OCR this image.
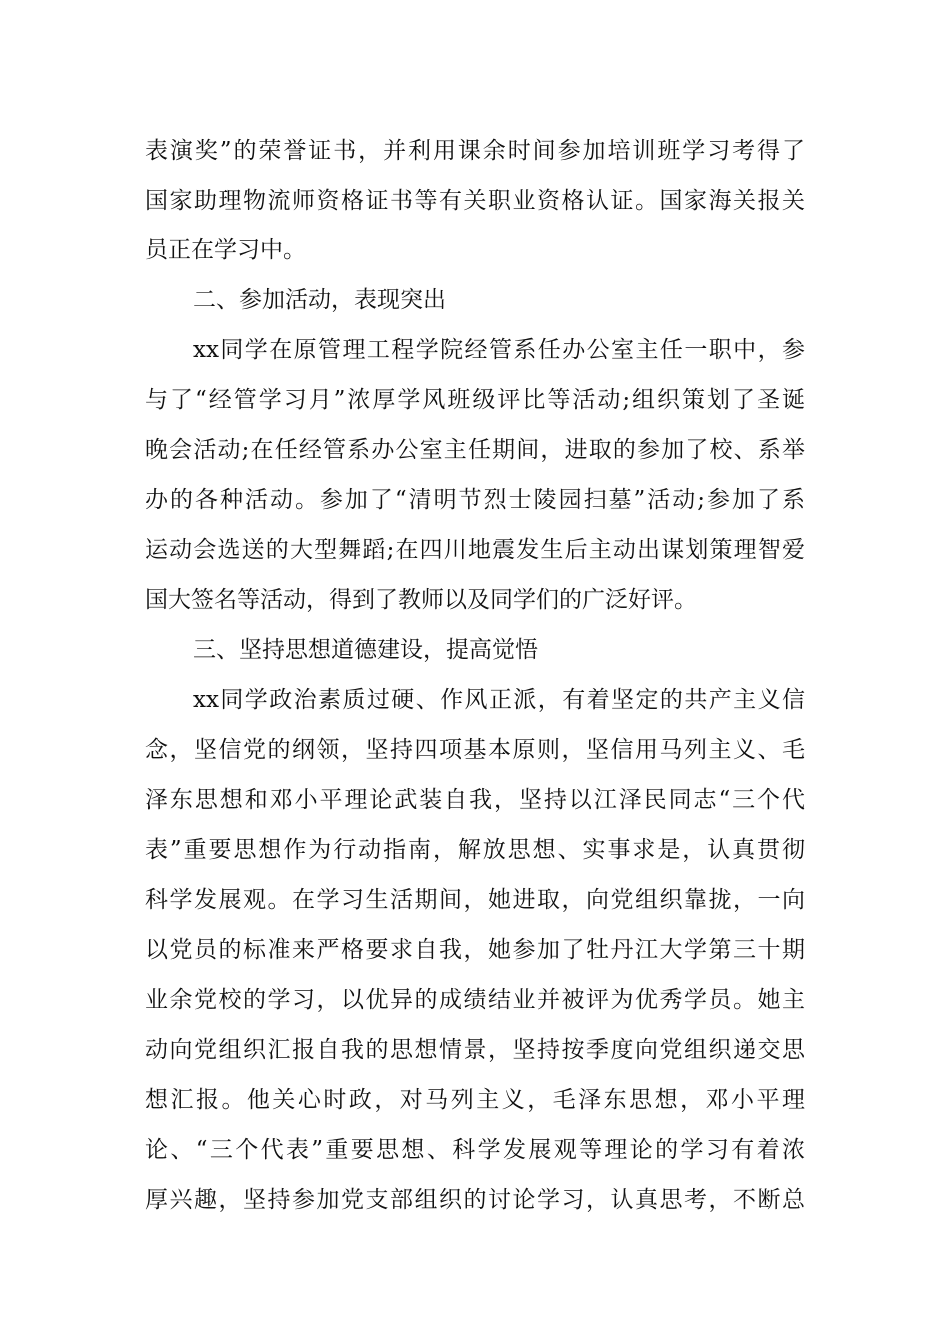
表演奖”的荣誉证书，并利用课余时间参加培训班学习考得了
国家助理物流师资格证书等有关职业资格认证。国家海关报关
员正在学习中。
二、参加活动，表现突出
xx同学在原管理工程学院经管系任办公室主任一职中，参
与了“经管学习月”浓厚学风班级评比等活动;组织策划了圣诞
晚会活动;在任经管系办公室主任期间，进取的参加了校、系举
办的各种活动。参加了“清明节烈士陵园扫墓”活动;参加了系
运动会选送的大型舞蹈;在四川地震发生后主动出谋划策理智爱
国大签名等活动，得到了教师以及同学们的广泛好评。
三、坚持思想道德建设，提高觉悟
xx同学政治素质过硬、作风正派，有着坚定的共产主义信
念，坚信党的纲领，坚持四项基本原则，坚信用马列主义、毛
泽东思想和邓小平理论武装自我，坚持以江泽民同志“三个代
表”重要思想作为行动指南，解放思想、实事求是，认真贯彻
科学发展观。在学习生活期间，她进取，向党组织靠拢，一向
以党员的标准来严格要求自我，她参加了牡丹江大学第三十期
业余党校的学习，以优异的成绩结业并被评为优秀学员。她主
动向党组织汇报自我的思想情景，坚持按季度向党组织递交思
想汇报。他关心时政，对马列主义，毛泽东思想，邓小平理
论、“三个代表”重要思想、科学发展观等理论的学习有着浓
厚兴趣，坚持参加党支部组织的讨论学习，认真思考，不断总
